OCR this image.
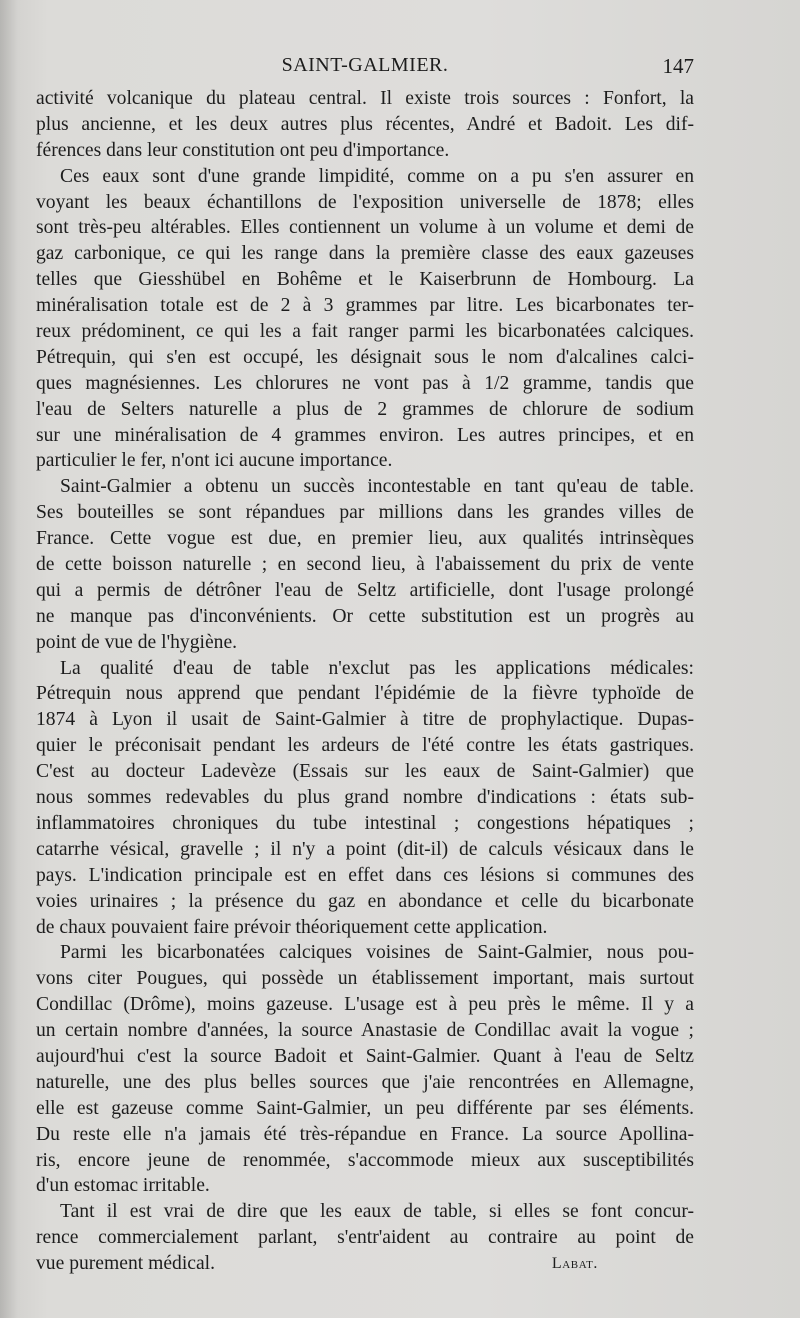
SAINT-GALMIER.	147
activité volcanique du plateau central. Il existe trois sources : Fonfort, la
plus ancienne, et les deux autres plus récentes, André et Badoit. Les dif-
férences dans leur constitution ont peu d'importance.
Ces eaux sont d'une grande limpidité, comme on a pu s'en assurer en
voyant les beaux échantillons de l'exposition universelle de 1878; elles
sont très-peu altérables. Elles contiennent un volume à un volume et demi de
gaz carbonique, ce qui les range dans la première classe des eaux gazeuses
telles que Giesshübel en Bohême et le Kaiserbrunn de Hombourg. La
minéralisation totale est de 2 à 3 grammes par litre. Les bicarbonates ter-
reux prédominent, ce qui les a fait ranger parmi les bicarbonatées calciques.
Pétrequin, qui s'en est occupé, les désignait sous le nom d'alcalines calci-
ques magnésiennes. Les chlorures ne vont pas à 1/2 gramme, tandis que
l'eau de Selters naturelle a plus de 2 grammes de chlorure de sodium
sur une minéralisation de 4 grammes environ. Les autres principes, et en
particulier le fer, n'ont ici aucune importance.
Saint-Galmier a obtenu un succès incontestable en tant qu'eau de table.
Ses bouteilles se sont répandues par millions dans les grandes villes de
France. Cette vogue est due, en premier lieu, aux qualités intrinsèques
de cette boisson naturelle ; en second lieu, à l'abaissement du prix de vente
qui a permis de détrôner l'eau de Seltz artificielle, dont l'usage prolongé
ne manque pas d'inconvénients. Or cette substitution est un progrès au
point de vue de l'hygiène.
La qualité d'eau de table n'exclut pas les applications médicales:
Pétrequin nous apprend que pendant l'épidémie de la fièvre typhoïde de
1874 à Lyon il usait de Saint-Galmier à titre de prophylactique. Dupas-
quier le préconisait pendant les ardeurs de l'été contre les états gastriques.
C'est au docteur Ladevèze (Essais sur les eaux de Saint-Galmier) que
nous sommes redevables du plus grand nombre d'indications : états sub-
inflammatoires chroniques du tube intestinal ; congestions hépatiques ;
catarrhe vésical, gravelle ; il n'y a point (dit-il) de calculs vésicaux dans le
pays. L'indication principale est en effet dans ces lésions si communes des
voies urinaires ; la présence du gaz en abondance et celle du bicarbonate
de chaux pouvaient faire prévoir théoriquement cette application.
Parmi les bicarbonatées calciques voisines de Saint-Galmier, nous pou-
vons citer Pougues, qui possède un établissement important, mais surtout
Condillac (Drôme), moins gazeuse. L'usage est à peu près le même. Il y a
un certain nombre d'années, la source Anastasie de Condillac avait la vogue ;
aujourd'hui c'est la source Badoit et Saint-Galmier. Quant à l'eau de Seltz
naturelle, une des plus belles sources que j'aie rencontrées en Allemagne,
elle est gazeuse comme Saint-Galmier, un peu différente par ses éléments.
Du reste elle n'a jamais été très-répandue en France. La source Apollina-
ris, encore jeune de renommée, s'accommode mieux aux susceptibilités
d'un estomac irritable.
Tant il est vrai de dire que les eaux de table, si elles se font concur-
rence commercialement parlant, s'entr'aident au contraire au point de
vue purement médical.	Labat.
